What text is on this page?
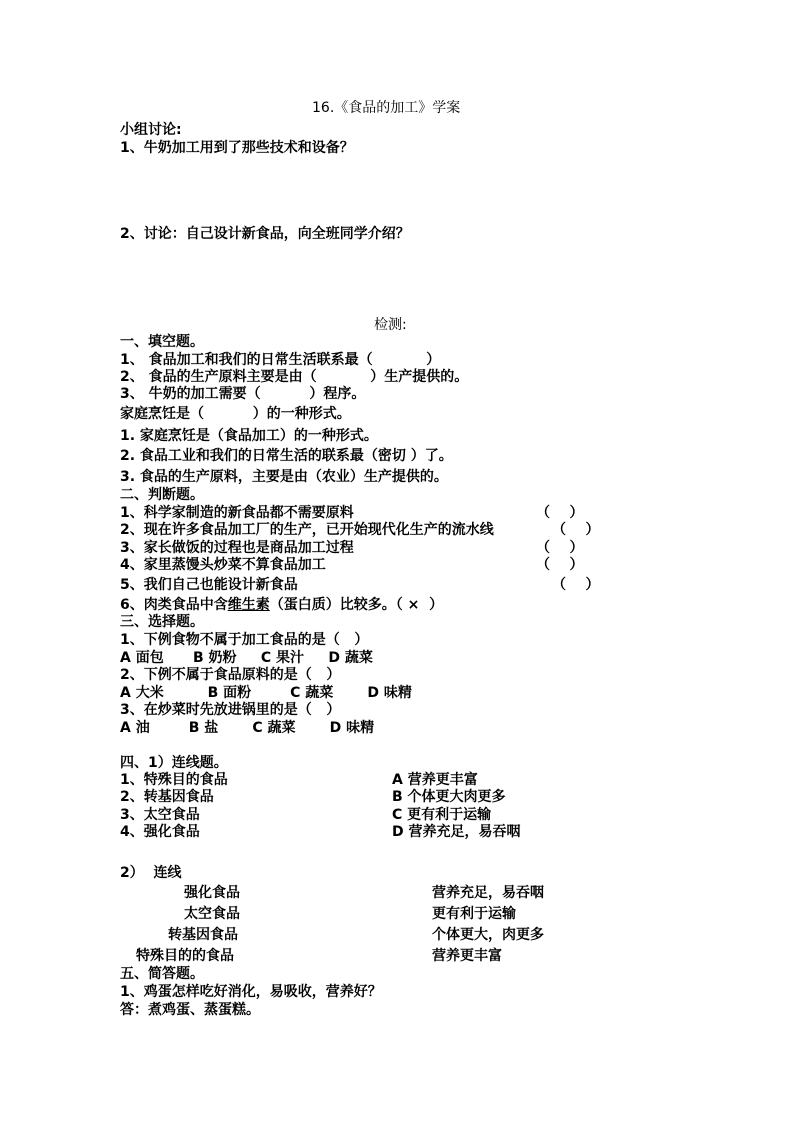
16.《食品的加工》学案
小组讨论:
1、牛奶加工用到了那些技术和设备？
2、讨论：自己设计新食品，向全班同学介绍？
检测:
一、填空题。
1、 食品加工和我们的日常生活联系最（           ）
2、 食品的生产原料主要是由（           ）生产提供的。
3、 牛奶的加工需要（          ）程序。
家庭烹饪是（          ）的一种形式。
1. 家庭烹饪是（食品加工）的一种形式。
2. 食品工业和我们的日常生活的联系最（密切 ）了。
3. 食品的生产原料，主要是由（农业）生产提供的。
二、判断题。
1、科学家制造的新食品都不需要原料	（    ）
2、现在许多食品加工厂的生产，已开始现代化生产的流水线	（    ）
3、家长做饭的过程也是商品加工过程	（    ）
4、家里蒸馒头炒菜不算食品加工	（    ）
5、我们自己也能设计新食品	（    ）
6、肉类食品中含维生素（蛋白质）比较多。（ ×  ）
三、选择题。
1、下例食物不属于加工食品的是（   ）
A 面包      B 奶粉     C 果汁     D 蔬菜
2、下例不属于食品原料的是（   ）
A 大米         B 面粉        C 蔬菜       D 味精
3、在炒菜时先放进锅里的是（   ）
A 油        B 盐       C 蔬菜       D 味精
四、1）连线题。
1、特殊目的食品	A 营养更丰富
2、转基因食品	B 个体更大肉更多
3、太空食品	C 更有利于运输
4、强化食品	D 营养充足，易吞咽
2）  连线
强化食品	营养充足，易吞咽
太空食品	更有利于运输
转基因食品	个体更大，肉更多
特殊目的的食品	营养更丰富
五、简答题。
1、鸡蛋怎样吃好消化，易吸收，营养好？
答：煮鸡蛋、蒸蛋糕。
